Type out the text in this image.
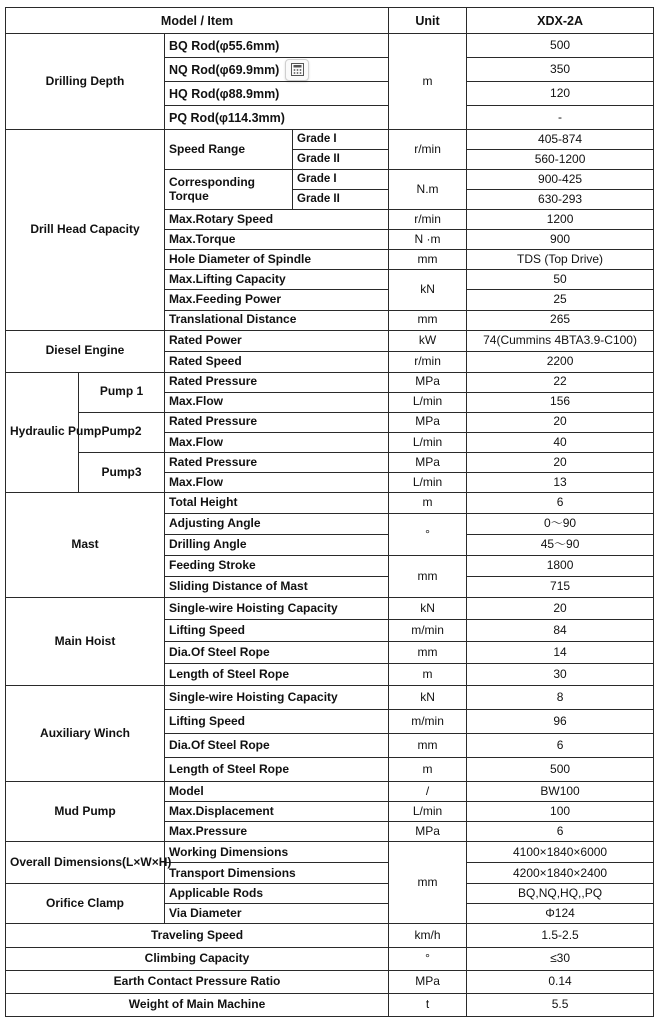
Model / Item				Unit	XDX-2A
Drilling Depth		BQ Rod(φ55.6mm)		m	500

		NQ Rod(φ69.9mm)			350
		HQ Rod(φ88.9mm)			120
		PQ Rod(φ114.3mm)			-
Drill Head Capacity		Speed Range	Grade I	r/min	405-874
			Grade II		560-1200
		Corresponding Torque	Grade I	N.m	900-425
			Grade II		630-293
		Max.Rotary Speed		r/min	1200
		Max.Torque		N ·m	900
		Hole Diameter of Spindle		mm	TDS (Top Drive)
		Max.Lifting Capacity		kN	50
		Max.Feeding Power			25
		Translational Distance		mm	265
Diesel Engine		Rated Power		kW	74(Cummins 4BTA3.9-C100)
		Rated Speed		r/min	2200
Hydraulic Pump	Pump 1	Rated Pressure		MPa	22
		Max.Flow		L/min	156
	Pump2	Rated Pressure		MPa	20
		Max.Flow		L/min	40
	Pump3	Rated Pressure		MPa	20
		Max.Flow		L/min	13
Mast		Total Height		m	6
		Adjusting Angle		°	0～90
		Drilling Angle			45～90
		Feeding Stroke		mm	1800
		Sliding Distance of Mast			715
Main Hoist		Single-wire Hoisting Capacity		kN	20
		Lifting Speed		m/min	84
		Dia.Of Steel Rope		mm	14
		Length of Steel Rope		m	30
Auxiliary Winch		Single-wire Hoisting Capacity		kN	8
		Lifting Speed		m/min	96
		Dia.Of Steel Rope		mm	6
		Length of Steel Rope		m	500
Mud Pump		Model		/	BW100
		Max.Displacement		L/min	100
		Max.Pressure		MPa	6
Overall Dimensions(L×W×H)		Working Dimensions		mm	4100×1840×6000
		Transport Dimensions			4200×1840×2400
Orifice Clamp		Applicable Rods			BQ,NQ,HQ,,PQ
		Via Diameter			Φ124
Traveling Speed				km/h	1.5-2.5
Climbing Capacity				°	≤30
Earth Contact Pressure Ratio				MPa	0.14
Weight of Main Machine				t	5.5
